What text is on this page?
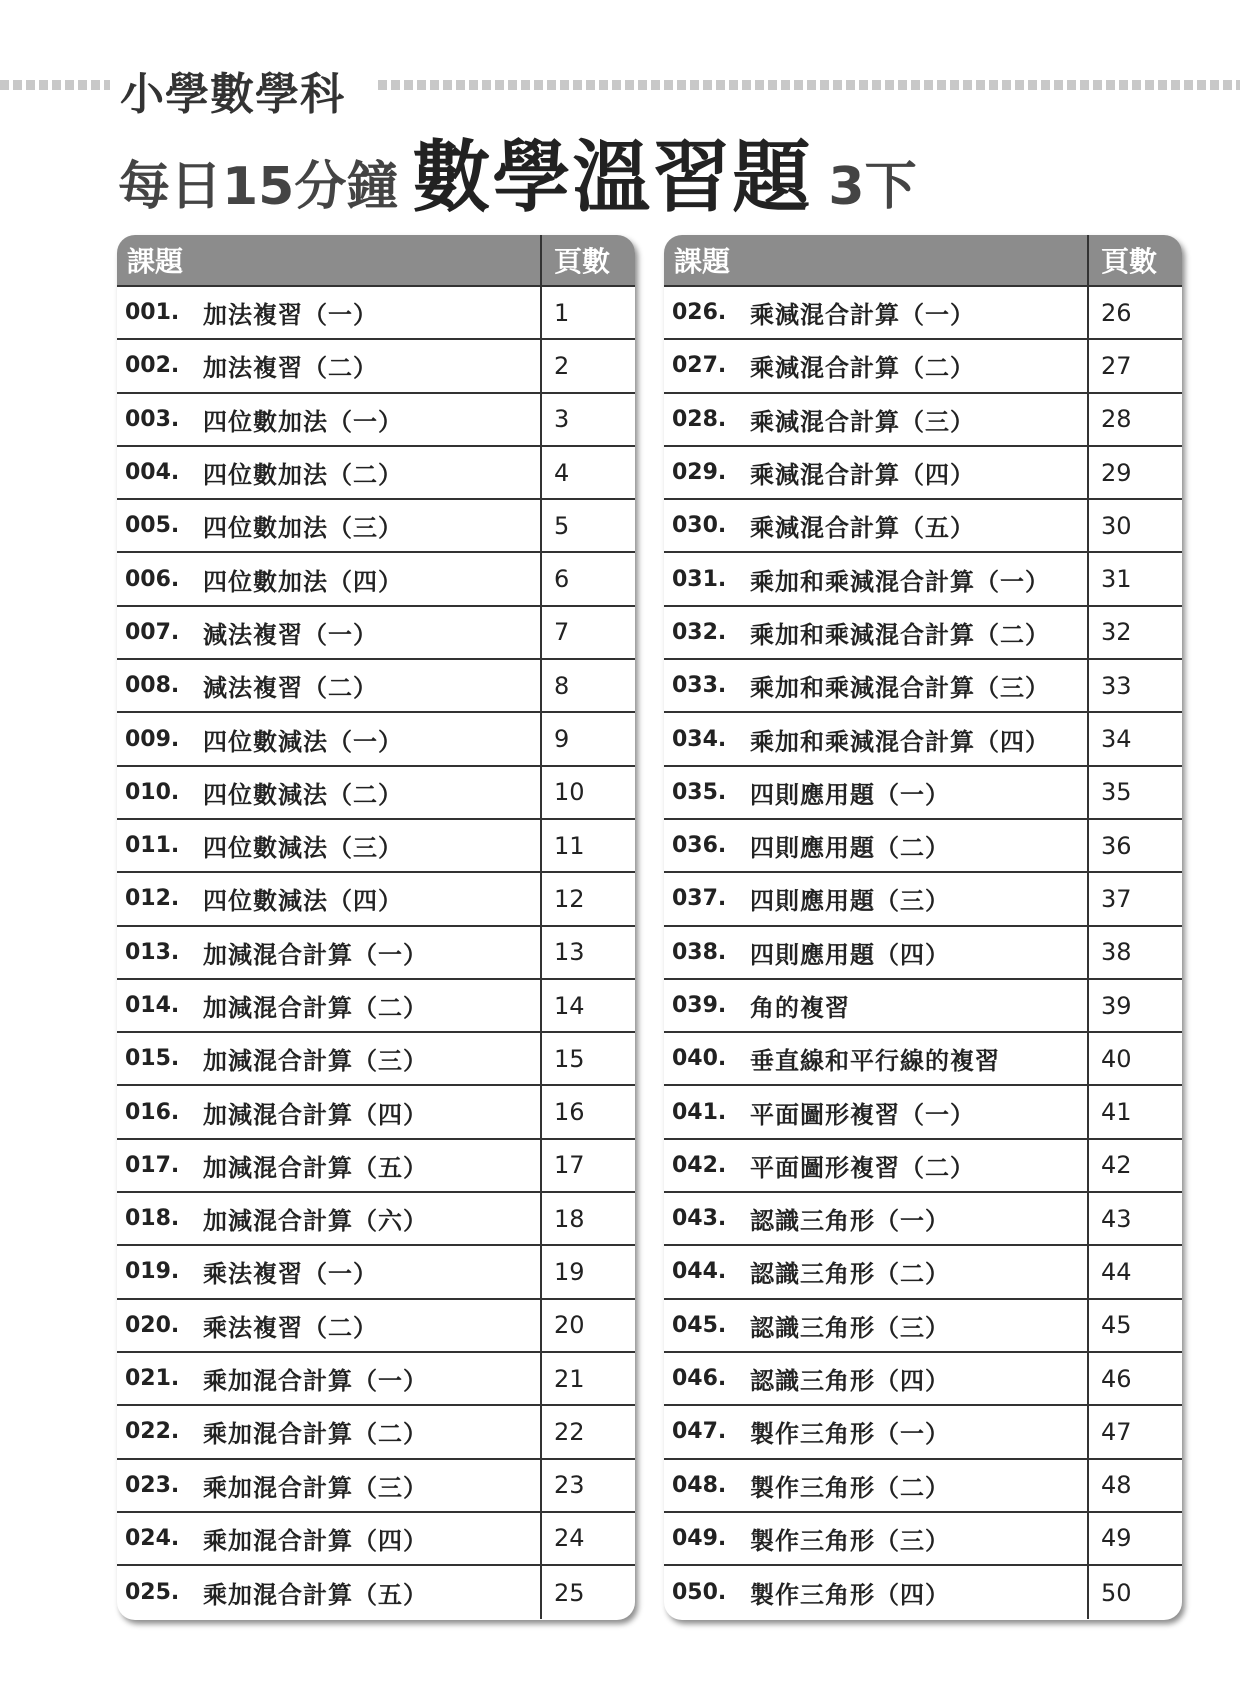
小學數學科
每日15分鐘 數學溫習題 3下
課題	頁數
001. 加法複習（一）	1
002. 加法複習（二）	2
003. 四位數加法（一）	3
004. 四位數加法（二）	4
005. 四位數加法（三）	5
006. 四位數加法（四）	6
007. 減法複習（一）	7
008. 減法複習（二）	8
009. 四位數減法（一）	9
010. 四位數減法（二）	10
011. 四位數減法（三）	11
012. 四位數減法（四）	12
013. 加減混合計算（一）	13
014. 加減混合計算（二）	14
015. 加減混合計算（三）	15
016. 加減混合計算（四）	16
017. 加減混合計算（五）	17
018. 加減混合計算（六）	18
019. 乘法複習（一）	19
020. 乘法複習（二）	20
021. 乘加混合計算（一）	21
022. 乘加混合計算（二）	22
023. 乘加混合計算（三）	23
024. 乘加混合計算（四）	24
025. 乘加混合計算（五）	25
課題	頁數
026. 乘減混合計算（一）	26
027. 乘減混合計算（二）	27
028. 乘減混合計算（三）	28
029. 乘減混合計算（四）	29
030. 乘減混合計算（五）	30
031. 乘加和乘減混合計算（一）	31
032. 乘加和乘減混合計算（二）	32
033. 乘加和乘減混合計算（三）	33
034. 乘加和乘減混合計算（四）	34
035. 四則應用題（一）	35
036. 四則應用題（二）	36
037. 四則應用題（三）	37
038. 四則應用題（四）	38
039. 角的複習	39
040. 垂直線和平行線的複習	40
041. 平面圖形複習（一）	41
042. 平面圖形複習（二）	42
043. 認識三角形（一）	43
044. 認識三角形（二）	44
045. 認識三角形（三）	45
046. 認識三角形（四）	46
047. 製作三角形（一）	47
048. 製作三角形（二）	48
049. 製作三角形（三）	49
050. 製作三角形（四）	50
